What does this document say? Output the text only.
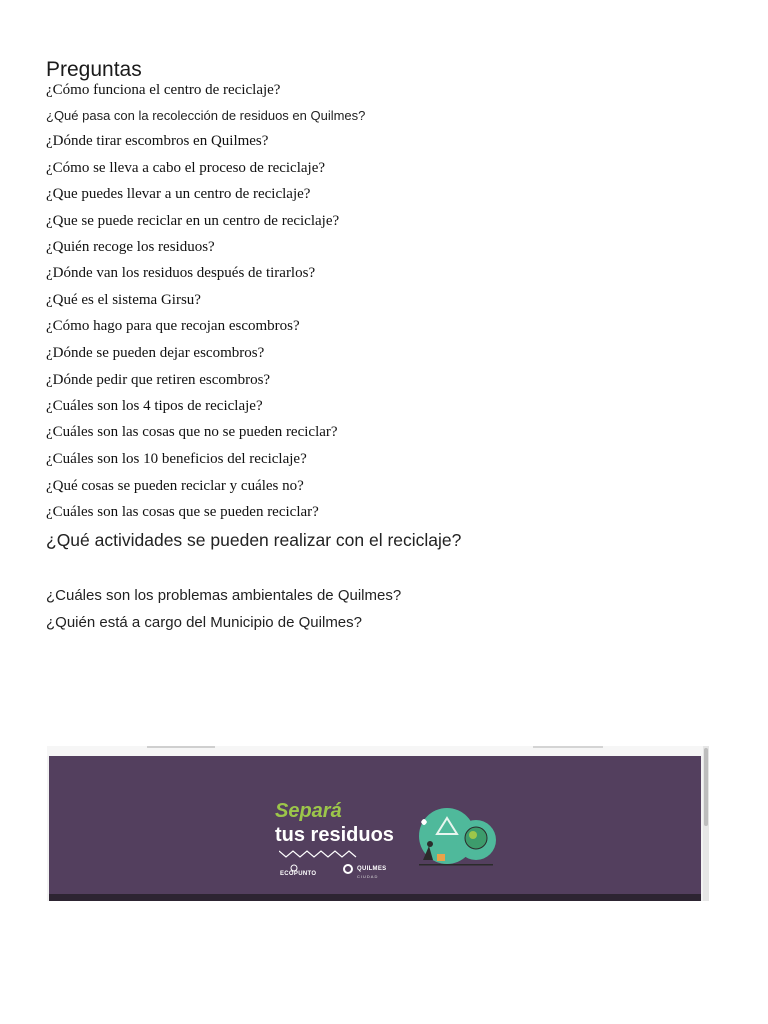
Preguntas
¿Cómo funciona el centro de reciclaje?
¿Qué pasa con la recolección de residuos en Quilmes?
¿Dónde tirar escombros en Quilmes?
¿Cómo se lleva a cabo el proceso de reciclaje?
¿Que puedes llevar a un centro de reciclaje?
¿Que se puede reciclar en un centro de reciclaje?
¿Quién recoge los residuos?
¿Dónde van los residuos después de tirarlos?
¿Qué es el sistema Girsu?
¿Cómo hago para que recojan escombros?
¿Dónde se pueden dejar escombros?
¿Dónde pedir que retiren escombros?
¿Cuáles son los 4 tipos de reciclaje?
¿Cuáles son las cosas que no se pueden reciclar?
¿Cuáles son los 10 beneficios del reciclaje?
¿Qué cosas se pueden reciclar y cuáles no?
¿Cuáles son las cosas que se pueden reciclar?
¿Qué actividades se pueden realizar con el reciclaje?
¿Cuáles son los problemas ambientales de Quilmes?
¿Quién está a cargo del Municipio de Quilmes?
Separá
tus residuos
ECOPUNTO
QUILMES
CIUDAD
